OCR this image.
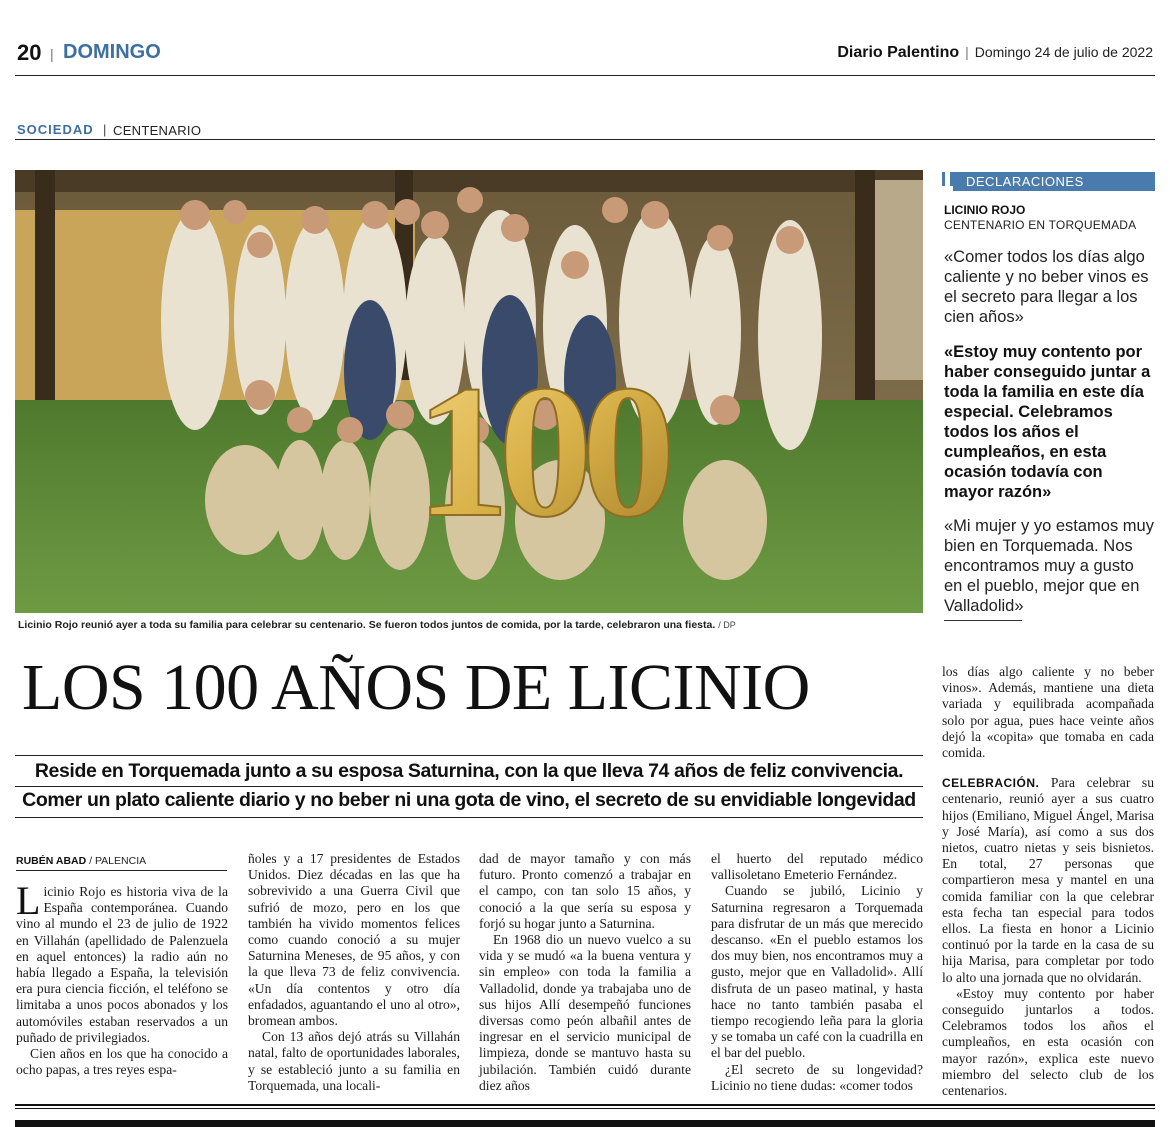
20 | DOMINGO	Diario Palentino | Domingo 24 de julio de 2022
SOCIEDAD | CENTENARIO
100
Licinio Rojo reunió ayer a toda su familia para celebrar su centenario. Se fueron todos juntos de comida, por la tarde, celebraron una fiesta. / DP
DECLARACIONES
LICINIO ROJO
CENTENARIO EN TORQUEMADA
«Comer todos los días algo caliente y no beber vinos es el secreto para llegar a los cien años»
«Estoy muy contento por haber conseguido juntar a toda la familia en este día especial. Celebramos todos los años el cumpleaños, en esta ocasión todavía con mayor razón»
«Mi mujer y yo estamos muy bien en Torquemada. Nos encontramos muy a gusto en el pueblo, mejor que en Valladolid»
LOS 100 AÑOS DE LICINIO
Reside en Torquemada junto a su esposa Saturnina, con la que lleva 74 años de feliz convivencia.
Comer un plato caliente diario y no beber ni una gota de vino, el secreto de su envidiable longevidad
RUBÉN ABAD / PALENCIA

Licinio Rojo es historia viva de la España contemporánea. Cuando vino al mundo el 23 de julio de 1922 en Villahán (apellidado de Palenzuela en aquel entonces) la radio aún no había llegado a España, la televisión era pura ciencia ficción, el teléfono se limitaba a unos pocos abonados y los automóviles estaban reservados a un puñado de privilegiados.

Cien años en los que ha conocido a ocho papas, a tres reyes espa-

ñoles y a 17 presidentes de Estados Unidos. Diez décadas en las que ha sobrevivido a una Guerra Civil que sufrió de mozo, pero en los que también ha vivido momentos felices como cuando conoció a su mujer Saturnina Meneses, de 95 años, y con la que lleva 73 de feliz convivencia. «Un día contentos y otro día enfadados, aguantando el uno al otro», bromean ambos.

Con 13 años dejó atrás su Villahán natal, falto de oportunidades laborales, y se estableció junto a su familia en Torquemada, una locali-

dad de mayor tamaño y con más futuro. Pronto comenzó a trabajar en el campo, con tan solo 15 años, y conoció a la que sería su esposa y forjó su hogar junto a Saturnina.

En 1968 dio un nuevo vuelco a su vida y se mudó «a la buena ventura y sin empleo» con toda la familia a Valladolid, donde ya trabajaba uno de sus hijos Allí desempeñó funciones diversas como peón albañil antes de ingresar en el servicio municipal de limpieza, donde se mantuvo hasta su jubilación. También cuidó durante diez años

el huerto del reputado médico vallisoletano Emeterio Fernández.

Cuando se jubiló, Licinio y Saturnina regresaron a Torquemada para disfrutar de un más que merecido descanso. «En el pueblo estamos los dos muy bien, nos encontramos muy a gusto, mejor que en Valladolid». Allí disfruta de un paseo matinal, y hasta hace no tanto también pasaba el tiempo recogiendo leña para la gloria y se tomaba un café con la cuadrilla en el bar del pueblo.

¿El secreto de su longevidad? Licinio no tiene dudas: «comer todos

los días algo caliente y no beber vinos». Además, mantiene una dieta variada y equilibrada acompañada solo por agua, pues hace veinte años dejó la «copita» que tomaba en cada comida.

CELEBRACIÓN. Para celebrar su centenario, reunió ayer a sus cuatro hijos (Emiliano, Miguel Ángel, Marisa y José María), así como a sus dos nietos, cuatro nietas y seis bisnietos. En total, 27 personas que compartieron mesa y mantel en una comida familiar con la que celebrar esta fecha tan especial para todos ellos. La fiesta en honor a Licinio continuó por la tarde en la casa de su hija Marisa, para completar por todo lo alto una jornada que no olvidarán.

«Estoy muy contento por haber conseguido juntarlos a todos. Celebramos todos los años el cumpleaños, en esta ocasión con mayor razón», explica este nuevo miembro del selecto club de los centenarios.
